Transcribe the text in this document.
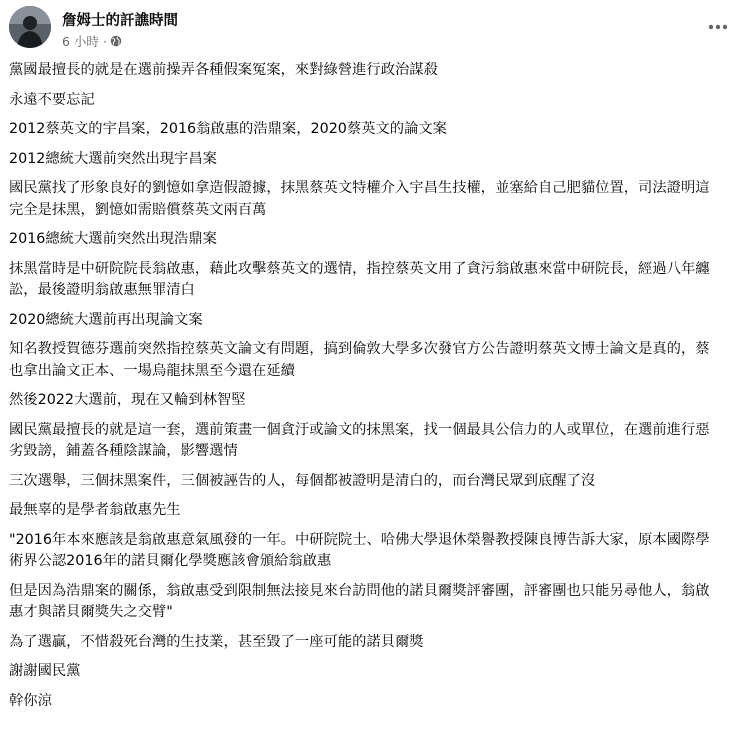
詹姆士的訐譙時間
6 小時 ·

黨國最擅長的就是在選前操弄各種假案冤案，來對綠營進行政治謀殺

永遠不要忘記

2012蔡英文的宇昌案，2016翁啟惠的浩鼎案，2020蔡英文的論文案

2012總統大選前突然出現宇昌案

國民黨找了形象良好的劉憶如拿造假證據，抹黑蔡英文特權介入宇昌生技權，並塞給自己肥貓位置，司法證明這完全是抹黑，劉憶如需賠償蔡英文兩百萬

2016總統大選前突然出現浩鼎案

抹黑當時是中研院院長翁啟惠，藉此攻擊蔡英文的選情，指控蔡英文用了貪污翁啟惠來當中研院長，經過八年纏訟，最後證明翁啟惠無罪清白

2020總統大選前再出現論文案

知名教授賀德芬選前突然指控蔡英文論文有問題，搞到倫敦大學多次發官方公告證明蔡英文博士論文是真的，蔡也拿出論文正本、一場烏龍抹黑至今還在延續

然後2022大選前，現在又輪到林智堅

國民黨最擅長的就是這一套，選前策畫一個貪汙或論文的抹黑案，找一個最具公信力的人或單位，在選前進行惡劣毀謗，鋪蓋各種陰謀論，影響選情

三次選舉，三個抹黑案件，三個被誣告的人，每個都被證明是清白的，而台灣民眾到底醒了沒

最無辜的是學者翁啟惠先生

"2016年本來應該是翁啟惠意氣風發的一年。中研院院士、哈佛大學退休榮譽教授陳良博告訴大家，原本國際學術界公認2016年的諾貝爾化學獎應該會頒給翁啟惠

但是因為浩鼎案的關係，翁啟惠受到限制無法接見來台訪問他的諾貝爾獎評審團，評審團也只能另尋他人，翁啟惠才與諾貝爾獎失之交臂"

為了選贏，不惜殺死台灣的生技業，甚至毀了一座可能的諾貝爾獎

謝謝國民黨

幹你涼
